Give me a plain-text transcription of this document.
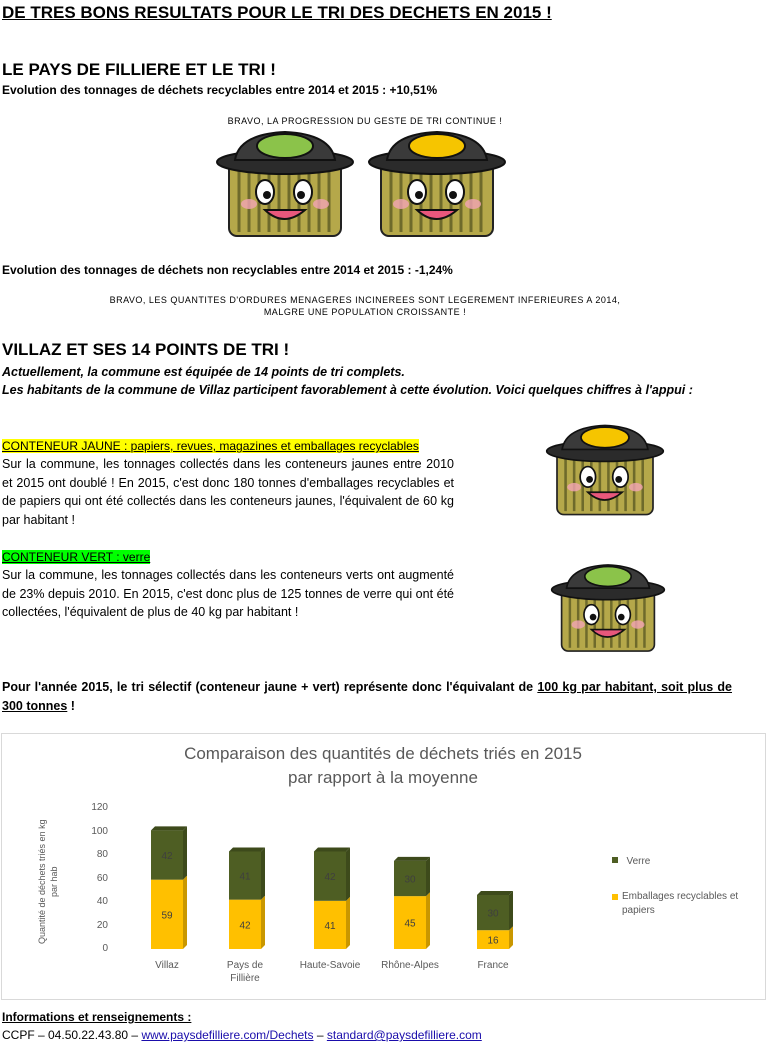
DE TRES BONS RESULTATS POUR LE TRI DES DECHETS EN 2015 !
LE PAYS DE FILLIERE ET LE TRI !
Evolution des tonnages de déchets recyclables entre 2014 et 2015 : +10,51%
BRAVO, LA PROGRESSION DU GESTE DE TRI CONTINUE !
Evolution des tonnages de déchets non recyclables entre 2014 et 2015 : -1,24%
BRAVO, LES QUANTITES D'ORDURES MENAGERES INCINEREES SONT LEGEREMENT INFERIEURES A 2014,
MALGRE UNE POPULATION CROISSANTE !
VILLAZ ET SES 14 POINTS DE TRI !
Actuellement, la commune est équipée de 14 points de tri complets.
Les habitants de la commune de Villaz participent favorablement à cette évolution. Voici quelques chiffres à l'appui :
CONTENEUR JAUNE : papiers, revues, magazines et emballages recyclables
Sur la commune, les tonnages collectés dans les conteneurs jaunes entre 2010 et 2015 ont doublé ! En 2015, c'est donc 180 tonnes d'emballages recyclables et de papiers qui ont été collectés dans les conteneurs jaunes, l'équivalent de 60 kg par habitant !
CONTENEUR VERT : verre
Sur la commune, les tonnages collectés dans les conteneurs verts ont augmenté de 23% depuis 2010. En 2015, c'est donc plus de 125 tonnes de verre qui ont été collectées, l'équivalent de plus de 40 kg par habitant !
Pour l'année 2015, le tri sélectif (conteneur jaune + vert) représente donc l'équivalant de 100 kg par habitant, soit plus de 300 tonnes !
Comparaison des quantités de déchets triés en 2015
par rapport à la moyenne
Quantité de déchets triés en kg par hab
0
20
40
60
80
100
120
59
42
42
41
41
42
45
30
16
30
Villaz	Pays de
Fillière
Haute-Savoie	Rhône-Alpes	France
Verre
Emballages recyclables et papiers
Informations et renseignements :
CCPF – 04.50.22.43.80 – www.paysdefilliere.com/Dechets – standard@paysdefilliere.com
